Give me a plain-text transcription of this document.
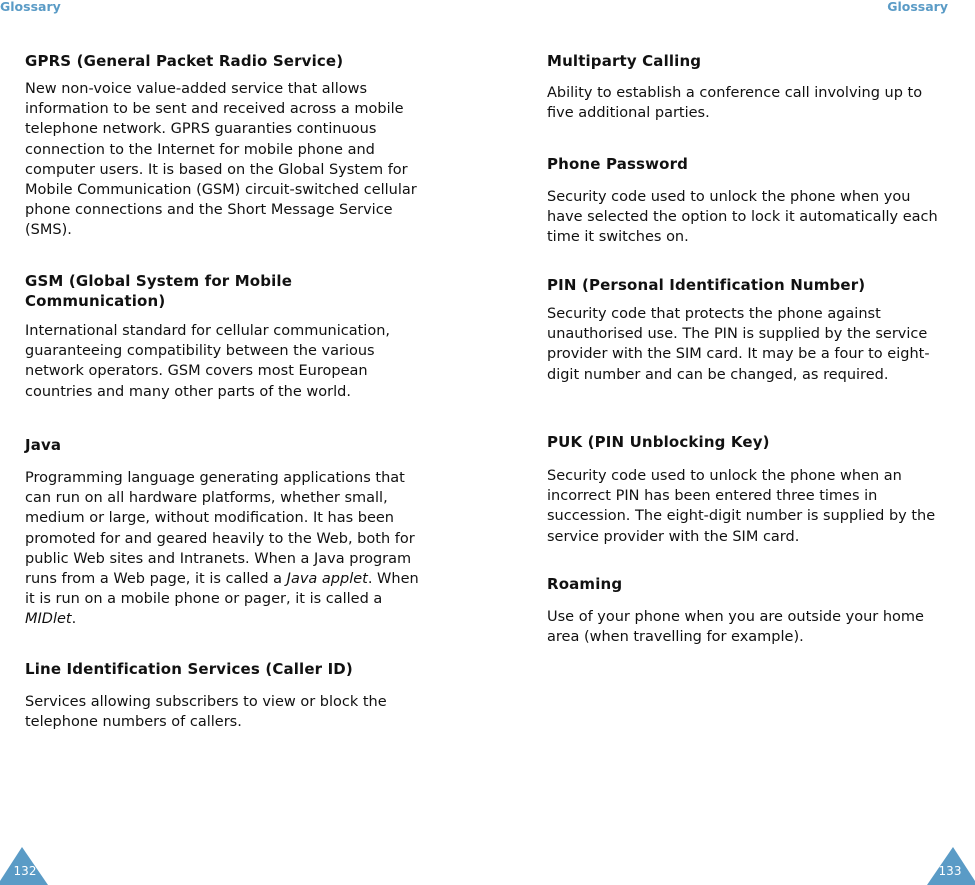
Glossary	Glossary

GPRS (General Packet Radio Service)

New non-voice value-added service that allows information to be sent and received across a mobile telephone network. GPRS guaranties continuous connection to the Internet for mobile phone and computer users. It is based on the Global System for Mobile Communication (GSM) circuit-switched cellular phone connections and the Short Message Service (SMS).

GSM (Global System for Mobile Communication)

International standard for cellular communication, guaranteeing compatibility between the various network operators. GSM covers most European countries and many other parts of the world.

Java

Programming language generating applications that can run on all hardware platforms, whether small, medium or large, without modification. It has been promoted for and geared heavily to the Web, both for public Web sites and Intranets. When a Java program runs from a Web page, it is called a Java applet. When it is run on a mobile phone or pager, it is called a MIDlet.

Line Identification Services (Caller ID)

Services allowing subscribers to view or block the telephone numbers of callers.

Multiparty Calling

Ability to establish a conference call involving up to five additional parties.

Phone Password

Security code used to unlock the phone when you have selected the option to lock it automatically each time it switches on.

PIN (Personal Identification Number)

Security code that protects the phone against unauthorised use. The PIN is supplied by the service provider with the SIM card. It may be a four to eight-digit number and can be changed, as required.

PUK (PIN Unblocking Key)

Security code used to unlock the phone when an incorrect PIN has been entered three times in succession. The eight-digit number is supplied by the service provider with the SIM card.

Roaming

Use of your phone when you are outside your home area (when travelling for example).

132	133
